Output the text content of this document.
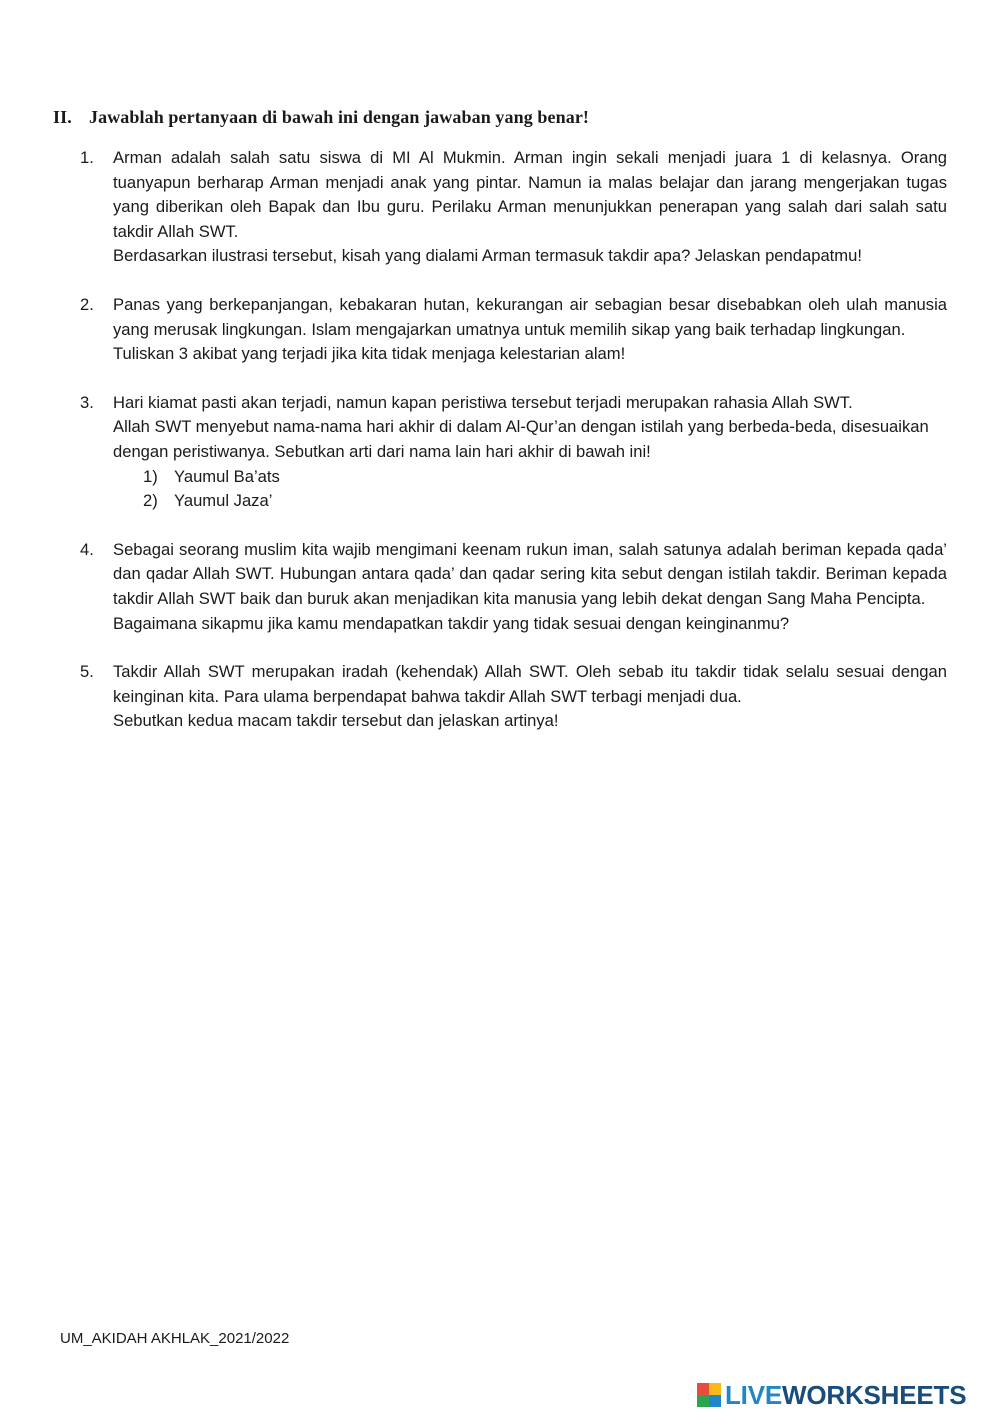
II. Jawablah pertanyaan di bawah ini dengan jawaban yang benar!
1.	Arman adalah salah satu siswa di MI Al Mukmin. Arman ingin sekali menjadi juara 1 di kelasnya. Orang tuanyapun berharap Arman menjadi anak yang pintar. Namun ia malas belajar dan jarang mengerjakan tugas yang diberikan oleh Bapak dan Ibu guru. Perilaku Arman menunjukkan penerapan yang salah dari salah satu takdir Allah SWT.

Berdasarkan ilustrasi tersebut, kisah yang dialami Arman termasuk takdir apa? Jelaskan pendapatmu!

2.	Panas yang berkepanjangan, kebakaran hutan, kekurangan air sebagian besar disebabkan oleh ulah manusia yang merusak lingkungan. Islam mengajarkan umatnya untuk memilih sikap yang baik terhadap lingkungan.

Tuliskan 3 akibat yang terjadi jika kita tidak menjaga kelestarian alam!

3.	Hari kiamat pasti akan terjadi, namun kapan peristiwa tersebut terjadi merupakan rahasia Allah SWT.

Allah SWT menyebut nama-nama hari akhir di dalam Al-Qur’an dengan istilah yang berbeda-beda, disesuaikan dengan peristiwanya. Sebutkan arti dari nama lain hari akhir di bawah ini!

1) Yaumul Ba’ats
2) Yaumul Jaza’
4.	Sebagai seorang muslim kita wajib mengimani keenam rukun iman, salah satunya adalah beriman kepada qada’ dan qadar Allah SWT. Hubungan antara qada’ dan qadar sering kita sebut dengan istilah takdir. Beriman kepada takdir Allah SWT baik dan buruk akan menjadikan kita manusia yang lebih dekat dengan Sang Maha Pencipta.

Bagaimana sikapmu jika kamu mendapatkan takdir yang tidak sesuai dengan keinginanmu?

5.	Takdir Allah SWT merupakan iradah (kehendak) Allah SWT. Oleh sebab itu takdir tidak selalu sesuai dengan keinginan kita. Para ulama berpendapat bahwa takdir Allah SWT terbagi menjadi dua.

Sebutkan kedua macam takdir tersebut dan jelaskan artinya!

UM_AKIDAH AKHLAK_2021/2022
LIVEWORKSHEETS
